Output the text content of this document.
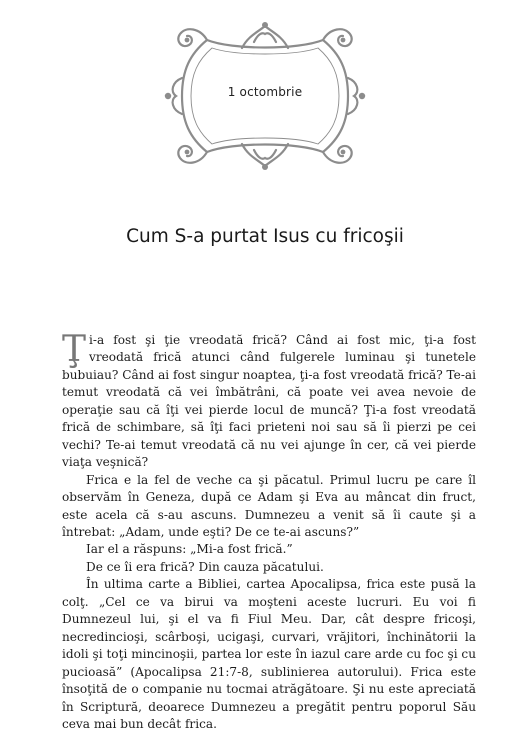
1 octombrie
Cum S-a purtat Isus cu fricoşii

Ţi-a fost şi ţie vreodată frică? Când ai fost mic, ţi-a fost vreodată frică atunci când fulgerele luminau şi tunetele bubuiau? Când ai fost singur noaptea, ţi-a fost vreodată frică? Te-ai temut vreodată că vei îmbătrâni, că poate vei avea nevoie de operaţie sau că îţi vei pierde locul de muncă? Ţi-a fost vreodată frică de schimbare, să îţi faci prieteni noi sau să îi pierzi pe cei vechi? Te-ai temut vreodată că nu vei ajunge în cer, că vei pierde viaţa veşnică?

Frica e la fel de veche ca şi păcatul. Primul lucru pe care îl observăm în Geneza, după ce Adam şi Eva au mâncat din fruct, este acela că s-au ascuns. Dumnezeu a venit să îi caute şi a întrebat: „Adam, unde eşti? De ce te-ai ascuns?”

Iar el a răspuns: „Mi-a fost frică.”

De ce îi era frică? Din cauza păcatului.

În ultima carte a Bibliei, cartea Apocalipsa, frica este pusă la colţ. „Cel ce va birui va moşteni aceste lucruri. Eu voi fi Dumnezeul lui, şi el va fi Fiul Meu. Dar, cât despre fricoşi, necredincioşi, scârboşi, ucigaşi, curvari, vrăjitori, închinătorii la idoli şi toţi mincinoşii, partea lor este în iazul care arde cu foc şi cu pucioasă” (Apocalipsa 21:7-8, sublinierea autorului). Frica este însoţită de o companie nu tocmai atrăgătoare. Şi nu este apreciată în Scriptură, deoarece Dumnezeu a pregătit pentru poporul Său ceva mai bun decât frica.
